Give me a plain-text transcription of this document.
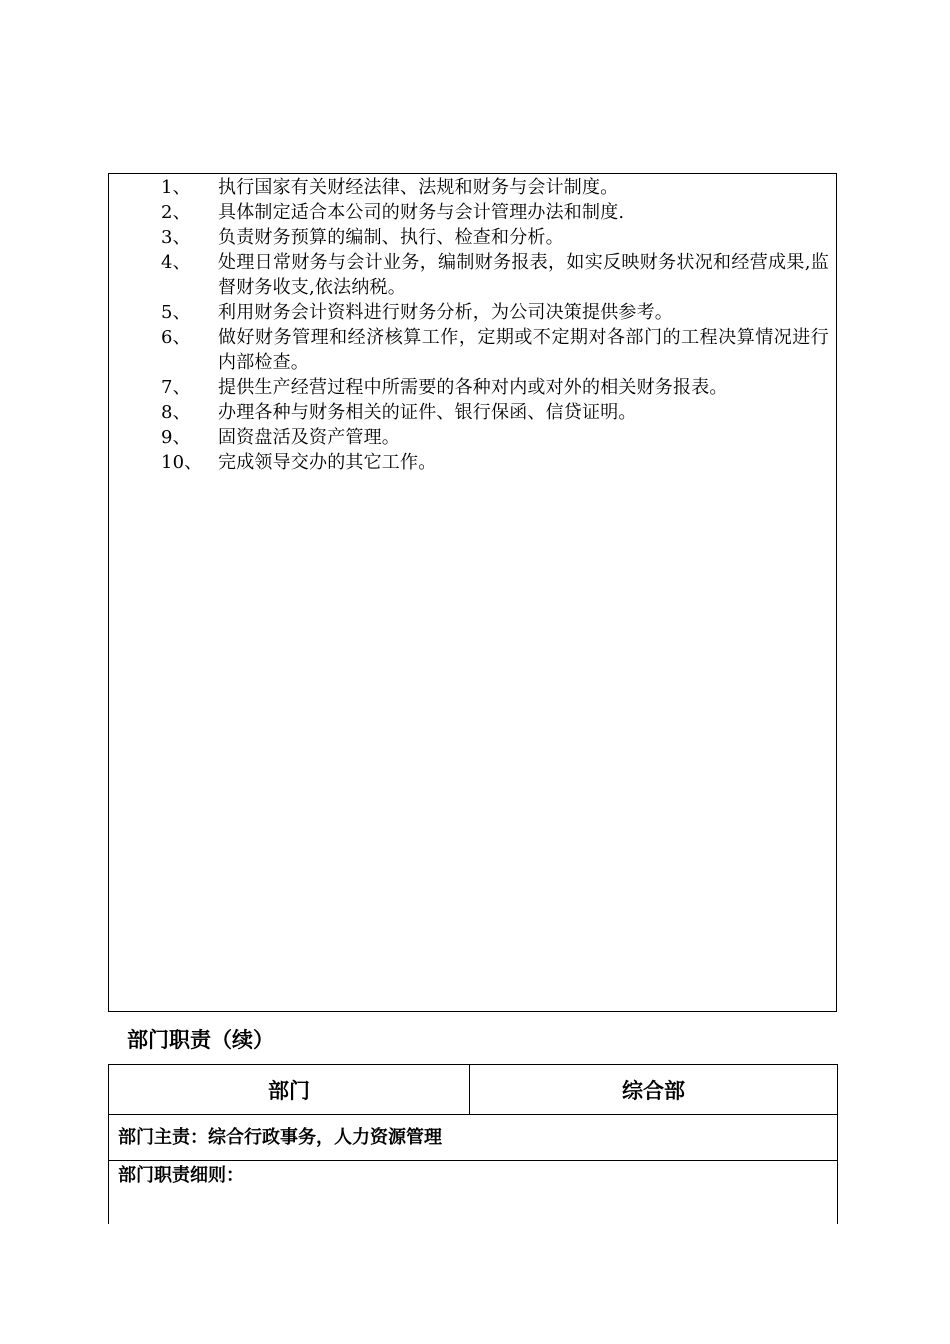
1、	执行国家有关财经法律、法规和财务与会计制度。
2、	具体制定适合本公司的财务与会计管理办法和制度.
3、	负责财务预算的编制、执行、检查和分析。
4、	处理日常财务与会计业务，编制财务报表，如实反映财务状况和经营成果,监督财务收支,依法纳税。
5、	利用财务会计资料进行财务分析，为公司决策提供参考。
6、	做好财务管理和经济核算工作，定期或不定期对各部门的工程决算情况进行内部检查。
7、	提供生产经营过程中所需要的各种对内或对外的相关财务报表。
8、	办理各种与财务相关的证件、银行保函、信贷证明。
9、	固资盘活及资产管理。
10、 完成领导交办的其它工作。
部门职责（续）
部门	综合部
部门主责：综合行政事务，人力资源管理
部门职责细则：
